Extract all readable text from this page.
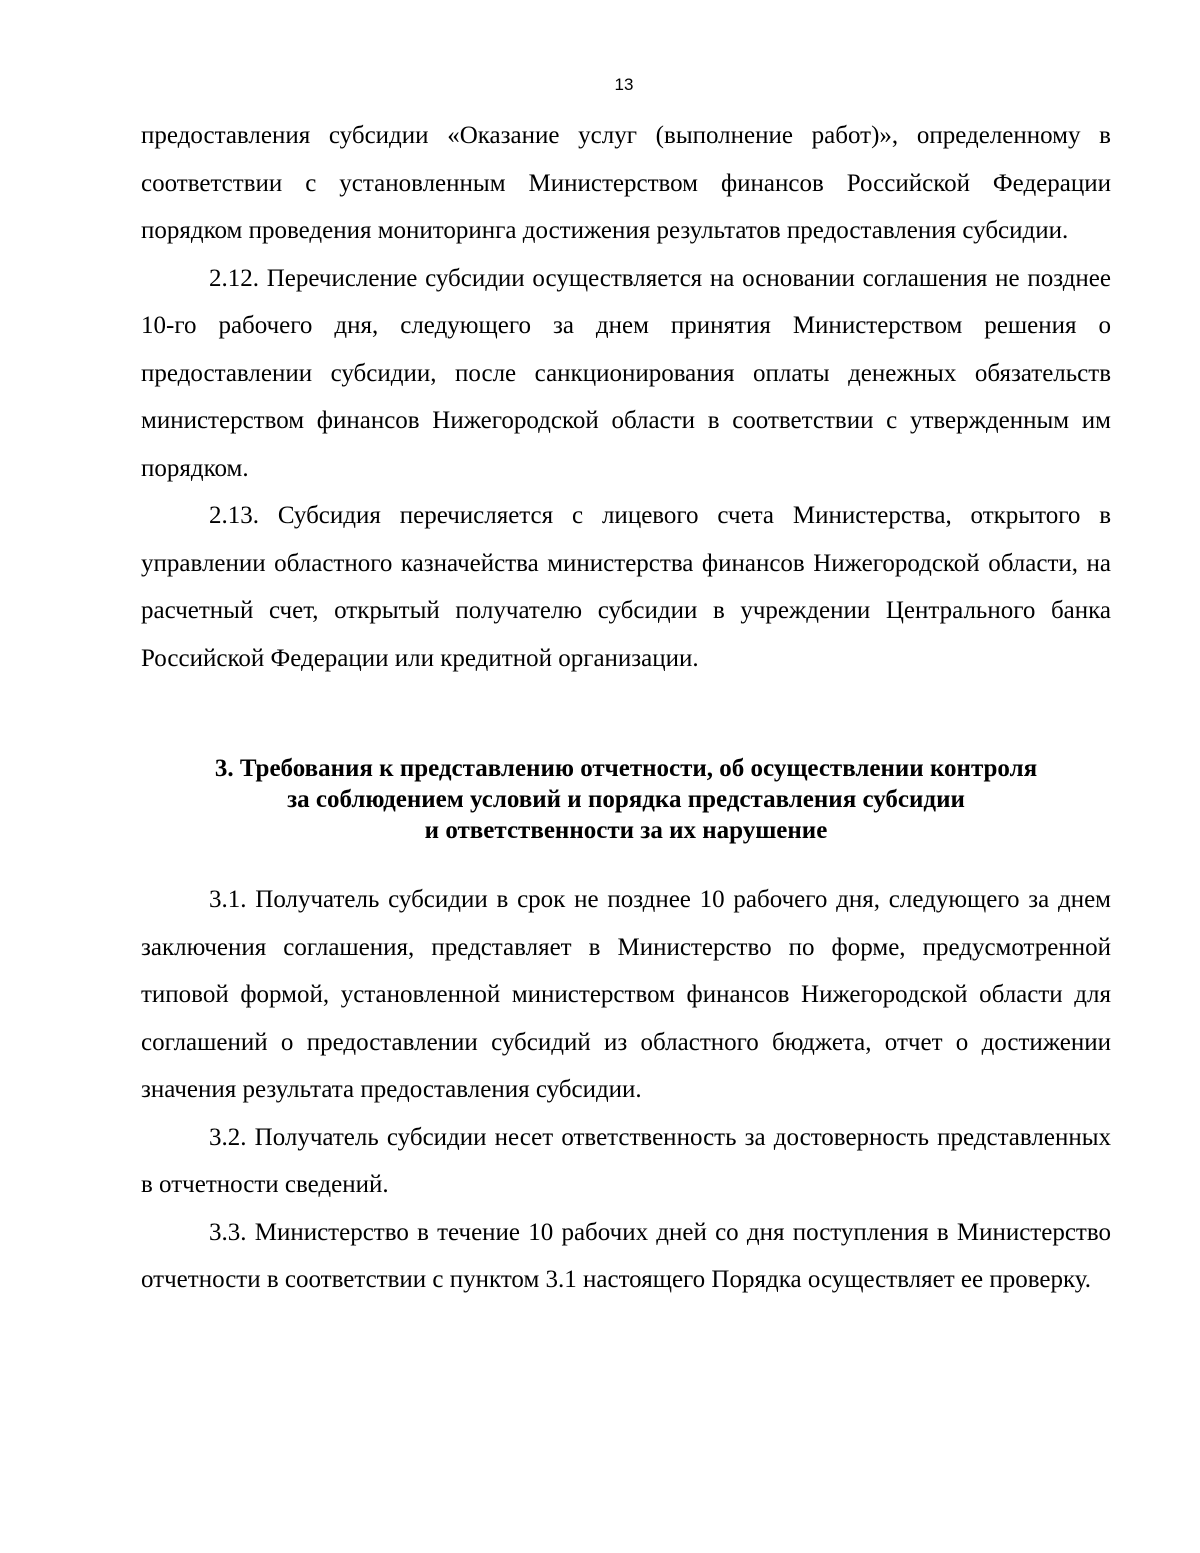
13

предоставления субсидии «Оказание услуг (выполнение работ)», определенному в соответствии с установленным Министерством финансов Российской Федерации порядком проведения мониторинга достижения результатов предоставления субсидии.

2.12. Перечисление субсидии осуществляется на основании соглашения не позднее 10-го рабочего дня, следующего за днем принятия Министерством решения о предоставлении субсидии, после санкционирования оплаты денежных обязательств министерством финансов Нижегородской области в соответствии с утвержденным им порядком.

2.13. Субсидия перечисляется с лицевого счета Министерства, открытого в управлении областного казначейства министерства финансов Нижегородской области, на расчетный счет, открытый получателю субсидии в учреждении Центрального банка Российской Федерации или кредитной организации.

3. Требования к представлению отчетности, об осуществлении контроля
за соблюдением условий и порядка представления субсидии
и ответственности за их нарушение

3.1. Получатель субсидии в срок не позднее 10 рабочего дня, следующего за днем заключения соглашения, представляет в Министерство по форме, предусмотренной типовой формой, установленной министерством финансов Нижегородской области для соглашений о предоставлении субсидий из областного бюджета, отчет о достижении значения результата предоставления субсидии.

3.2. Получатель субсидии несет ответственность за достоверность представленных в отчетности сведений.

3.3. Министерство в течение 10 рабочих дней со дня поступления в Министерство отчетности в соответствии с пунктом 3.1 настоящего Порядка осуществляет ее проверку.
